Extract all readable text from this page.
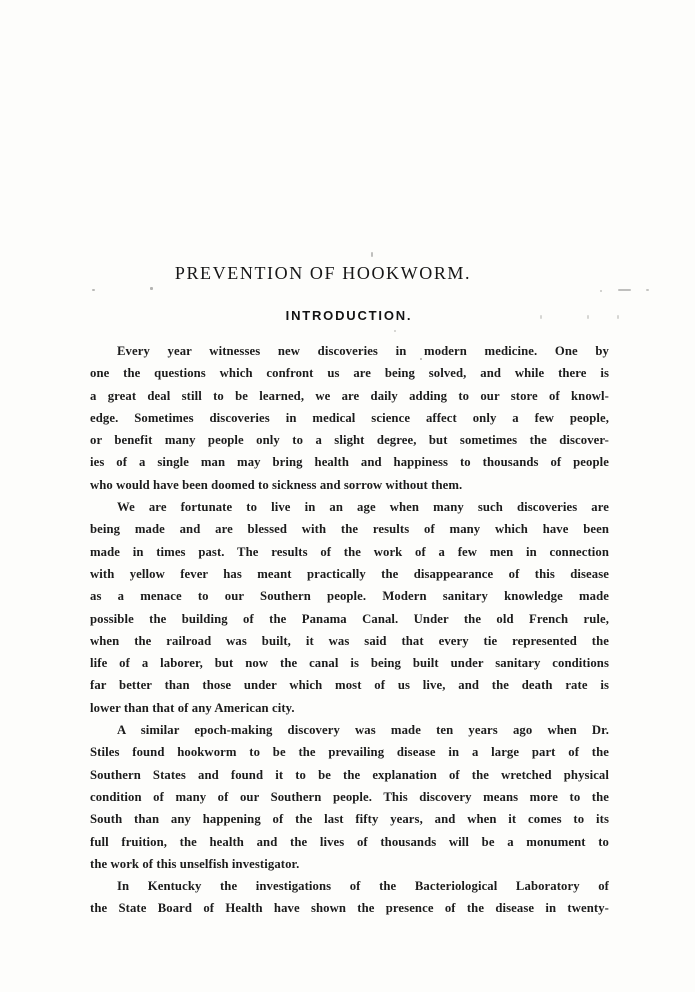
PREVENTION OF HOOKWORM.
INTRODUCTION.
Every year witnesses new discoveries in modern medicine. One by
one the questions which confront us are being solved, and while there is
a great deal still to be learned, we are daily adding to our store of knowl-
edge. Sometimes discoveries in medical science affect only a few people,
or benefit many people only to a slight degree, but sometimes the discover-
ies of a single man may bring health and happiness to thousands of people
who would have been doomed to sickness and sorrow without them.
We are fortunate to live in an age when many such discoveries are
being made and are blessed with the results of many which have been
made in times past. The results of the work of a few men in connection
with yellow fever has meant practically the disappearance of this disease
as a menace to our Southern people. Modern sanitary knowledge made
possible the building of the Panama Canal. Under the old French rule,
when the railroad was built, it was said that every tie represented the
life of a laborer, but now the canal is being built under sanitary conditions
far better than those under which most of us live, and the death rate is
lower than that of any American city.
A similar epoch-making discovery was made ten years ago when Dr.
Stiles found hookworm to be the prevailing disease in a large part of the
Southern States and found it to be the explanation of the wretched physical
condition of many of our Southern people. This discovery means more to the
South than any happening of the last fifty years, and when it comes to its
full fruition, the health and the lives of thousands will be a monument to
the work of this unselfish investigator.
In Kentucky the investigations of the Bacteriological Laboratory of
the State Board of Health have shown the presence of the disease in twenty-
